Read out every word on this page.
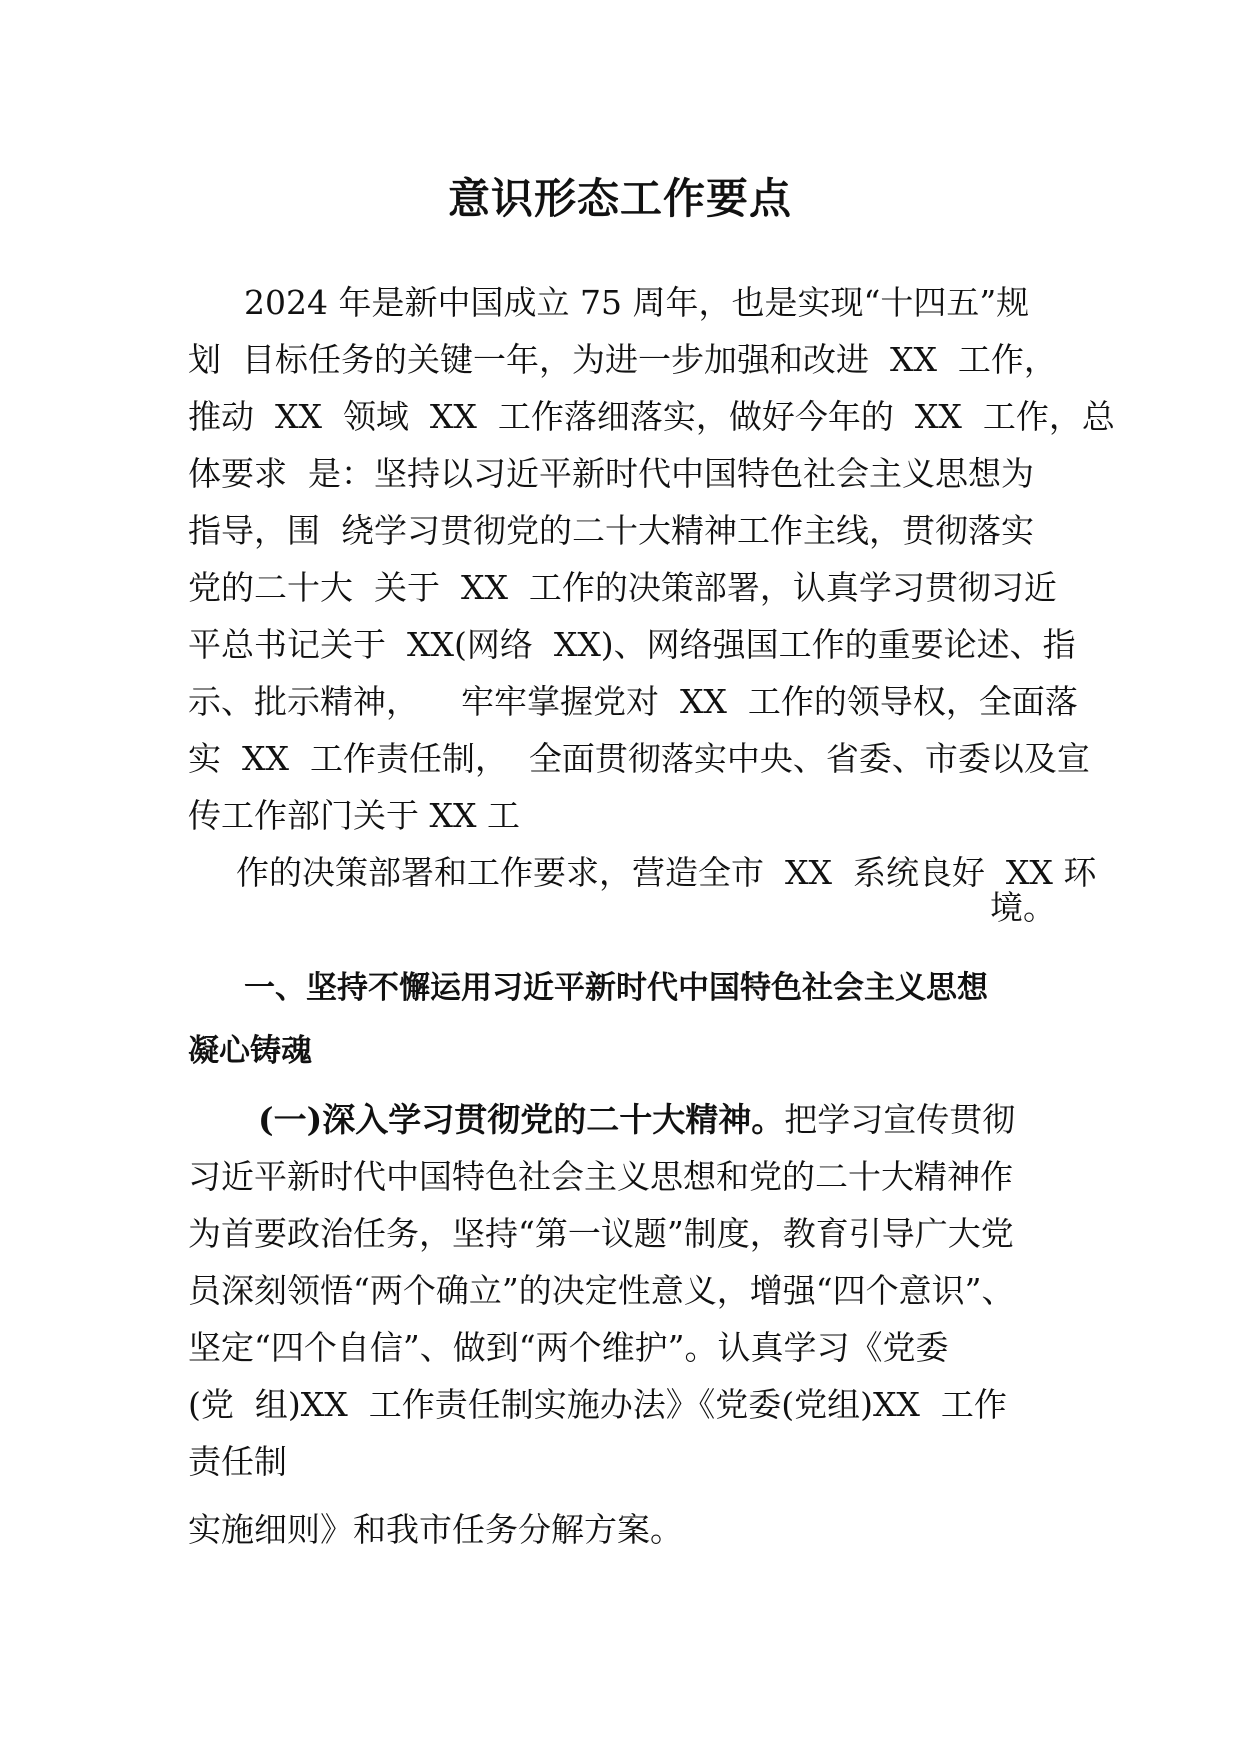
意识形态工作要点

2024 年是新中国成立 75 周年，也是实现“十四五”规

划  目标任务的关键一年，为进一步加强和改进  XX  工作，

推动  XX  领域  XX  工作落细落实，做好今年的  XX  工作，总

体要求  是：坚持以习近平新时代中国特色社会主义思想为

指导，围  绕学习贯彻党的二十大精神工作主线，贯彻落实

党的二十大  关于  XX  工作的决策部署，认真学习贯彻习近

平总书记关于  XX(网络  XX)、网络强国工作的重要论述、指

示、批示精神，    牢牢掌握党对  XX  工作的领导权，全面落

实  XX  工作责任制，  全面贯彻落实中央、省委、市委以及宣

传工作部门关于 XX 工

作的决策部署和工作要求，营造全市  XX  系统良好  XX 环

境。

一、坚持不懈运用习近平新时代中国特色社会主义思想

凝心铸魂

(一)深入学习贯彻党的二十大精神。把学习宣传贯彻

习近平新时代中国特色社会主义思想和党的二十大精神作

为首要政治任务，坚持“第一议题”制度，教育引导广大党

员深刻领悟“两个确立”的决定性意义，增强“四个意识”、

坚定“四个自信”、做到“两个维护”。认真学习《党委

(党  组)XX  工作责任制实施办法》《党委(党组)XX  工作

责任制

实施细则》和我市任务分解方案。
